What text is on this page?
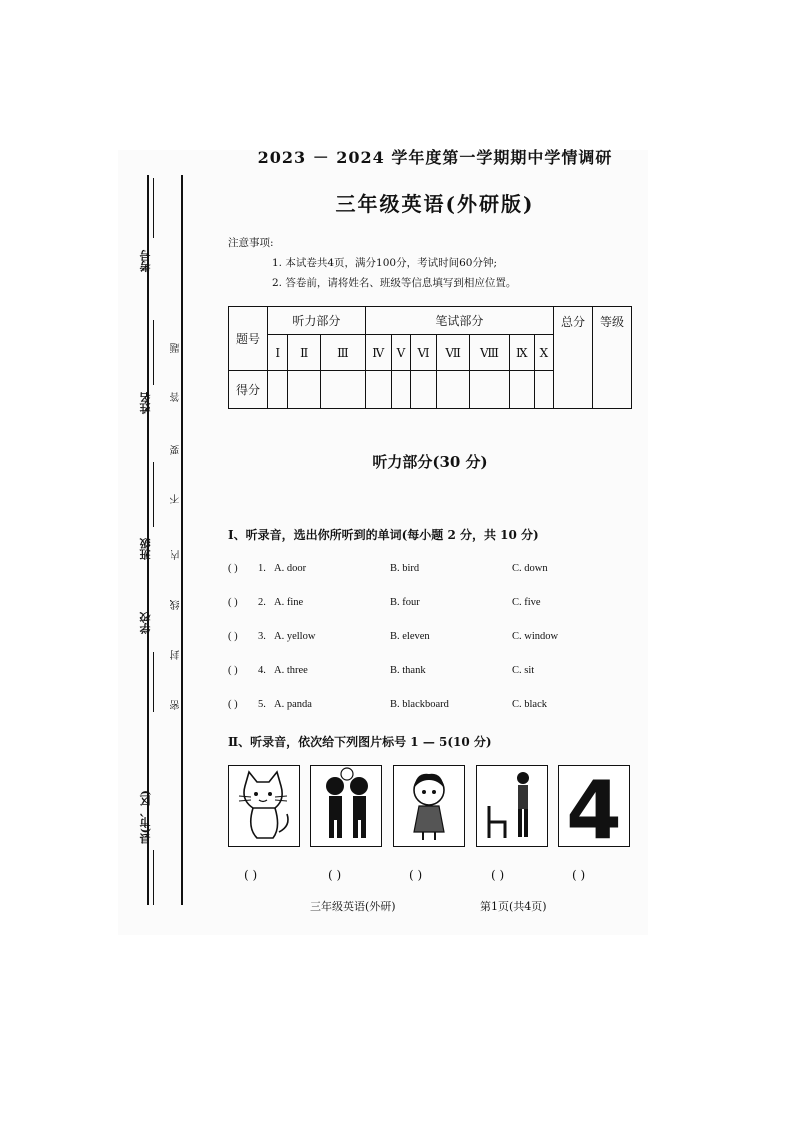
考号
姓名
班级
学校
县(市、区)
题
答
要
不
内
线
封
密
2023 － 2024 学年度第一学期期中学情调研
三年级英语(外研版)
注意事项:
1. 本试卷共4页，满分100分，考试时间60分钟;
2. 答卷前，请将姓名、班级等信息填写到相应位置。
题号	听力部分			笔试部分							总分	等级
	Ⅰ	Ⅱ	Ⅲ	Ⅳ	Ⅴ	Ⅵ	Ⅶ	Ⅷ	Ⅸ	Ⅹ		
得分												
听力部分(30 分)
Ⅰ、听录音，选出你所听到的单词(每小题 2 分，共 10 分)
( ) 1. A. door	B. bird	C. down
( ) 2. A. fine	B. four	C. five
( ) 3. A. yellow	B. eleven	C. window
( ) 4. A. three	B. thank	C. sit
( ) 5. A. panda	B. blackboard	C. black
Ⅱ、听录音，依次给下列图片标号 1 — 5(10 分)
4
( )	( )	( )	( )	( )
三年级英语(外研)	第1页(共4页)
